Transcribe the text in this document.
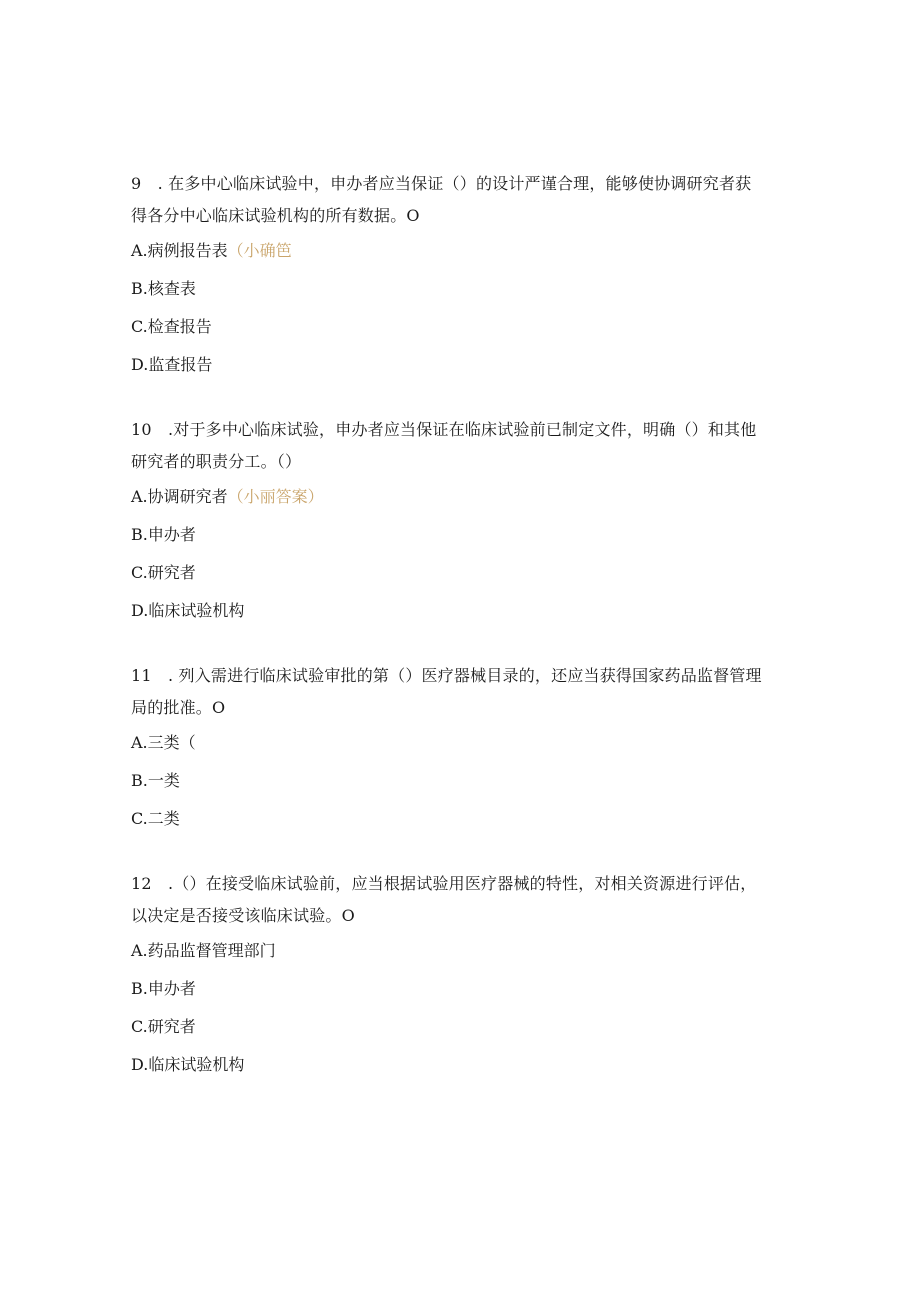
9　. 在多中心临床试验中，申办者应当保证（）的设计严谨合理，能够使协调研究者获
得各分中心临床试验机构的所有数据。O
A.病例报告表（小确笆
B.核查表
C.检查报告
D.监查报告
10　.对于多中心临床试验，申办者应当保证在临床试验前已制定文件，明确（）和其他
研究者的职责分工。（）
A.协调研究者（小丽答案）
B.申办者
C.研究者
D.临床试验机构
11　. 列入需进行临床试验审批的第（）医疗器械目录的，还应当获得国家药品监督管理
局的批准。O
A.三类（
B.一类
C.二类
12　.（）在接受临床试验前，应当根据试验用医疗器械的特性，对相关资源进行评估，
以决定是否接受该临床试验。O
A.药品监督管理部门
B.申办者
C.研究者
D.临床试验机构
